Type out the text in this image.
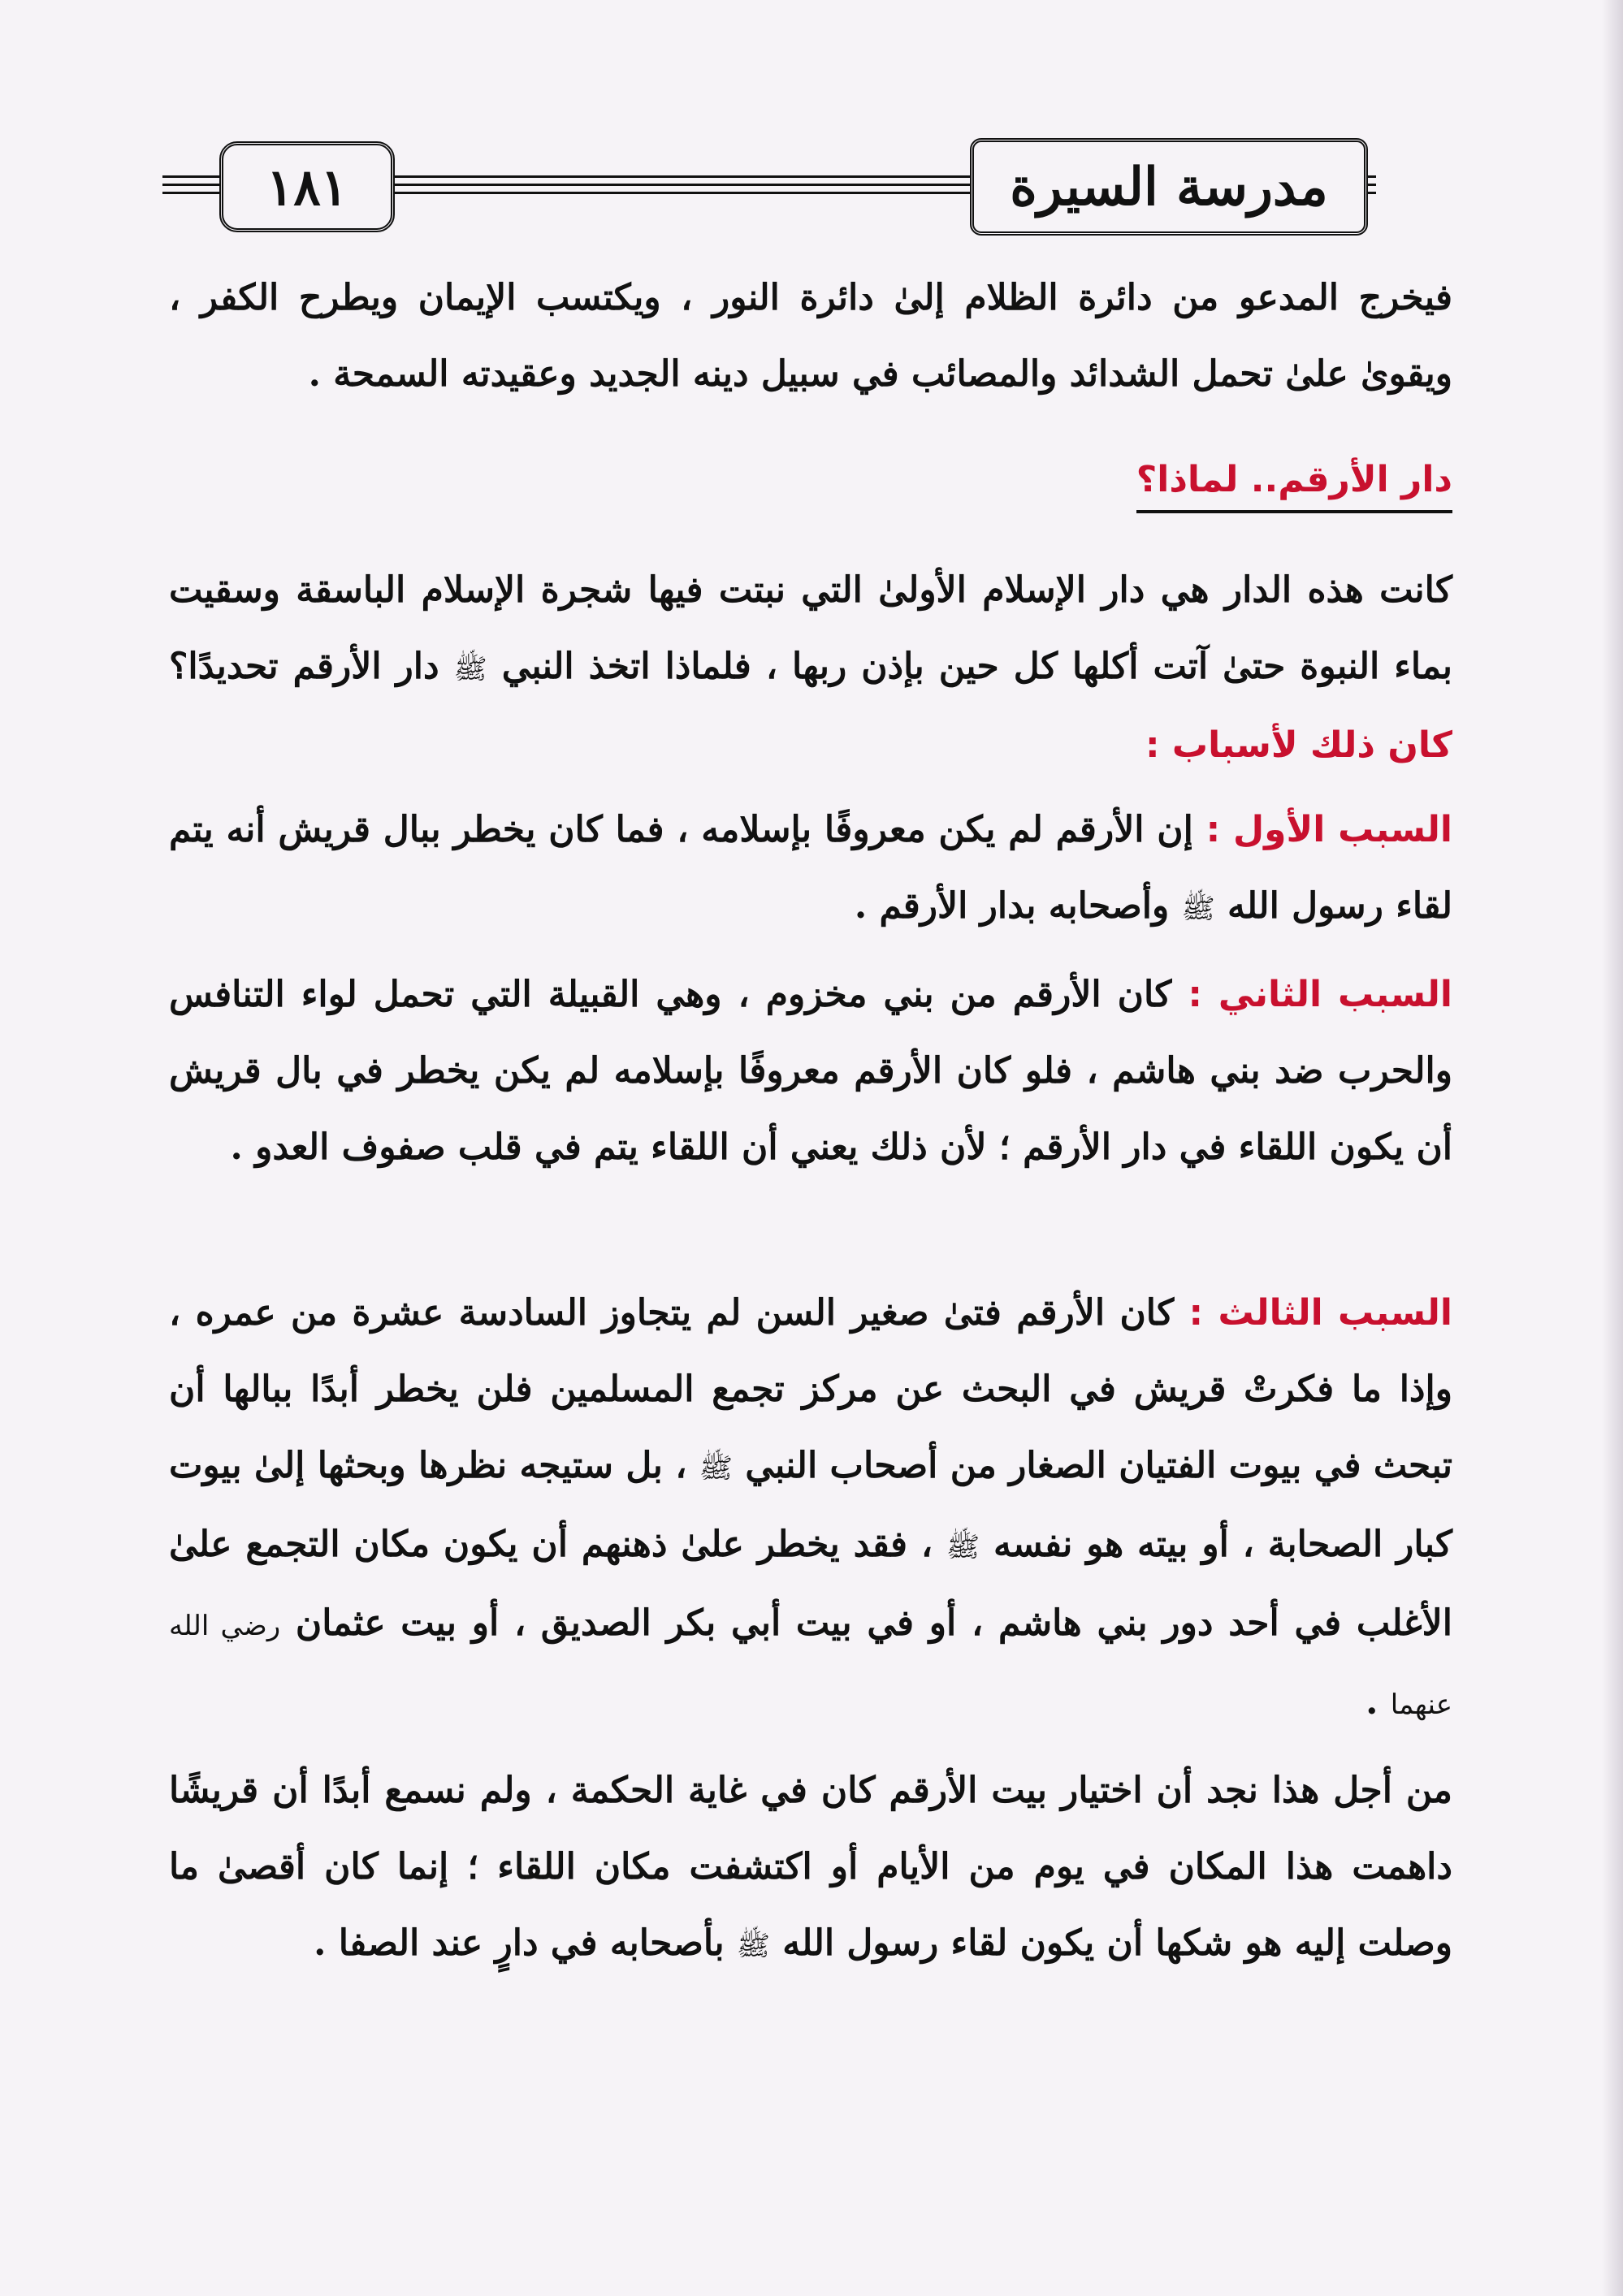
١٨١	مدرسة السيرة
فيخرج المدعو من دائرة الظلام إلىٰ دائرة النور ، ويكتسب الإيمان ويطرح الكفر ، ويقوىٰ علىٰ تحمل الشدائد والمصائب في سبيل دينه الجديد وعقيدته السمحة .
دار الأرقم.. لماذا؟
كانت هذه الدار هي دار الإسلام الأولىٰ التي نبتت فيها شجرة الإسلام الباسقة وسقيت بماء النبوة حتىٰ آتت أكلها كل حين بإذن ربها ، فلماذا اتخذ النبي ﷺ دار الأرقم تحديدًا؟ كان ذلك لأسباب :
السبب الأول : إن الأرقم لم يكن معروفًا بإسلامه ، فما كان يخطر ببال قريش أنه يتم لقاء رسول الله ﷺ وأصحابه بدار الأرقم .
السبب الثاني : كان الأرقم من بني مخزوم ، وهي القبيلة التي تحمل لواء التنافس والحرب ضد بني هاشم ، فلو كان الأرقم معروفًا بإسلامه لم يكن يخطر في بال قريش أن يكون اللقاء في دار الأرقم ؛ لأن ذلك يعني أن اللقاء يتم في قلب صفوف العدو .
السبب الثالث : كان الأرقم فتىٰ صغير السن لم يتجاوز السادسة عشرة من عمره ، وإذا ما فكرتْ قريش في البحث عن مركز تجمع المسلمين فلن يخطر أبدًا ببالها أن تبحث في بيوت الفتيان الصغار من أصحاب النبي ﷺ ، بل ستيجه نظرها وبحثها إلىٰ بيوت كبار الصحابة ، أو بيته هو نفسه ﷺ ، فقد يخطر علىٰ ذهنهم أن يكون مكان التجمع علىٰ الأغلب في أحد دور بني هاشم ، أو في بيت أبي بكر الصديق ، أو بيت عثمان رضي الله عنهما .
من أجل هذا نجد أن اختيار بيت الأرقم كان في غاية الحكمة ، ولم نسمع أبدًا أن قريشًا داهمت هذا المكان في يوم من الأيام أو اكتشفت مكان اللقاء ؛ إنما كان أقصىٰ ما وصلت إليه هو شكها أن يكون لقاء رسول الله ﷺ بأصحابه في دارٍ عند الصفا .
